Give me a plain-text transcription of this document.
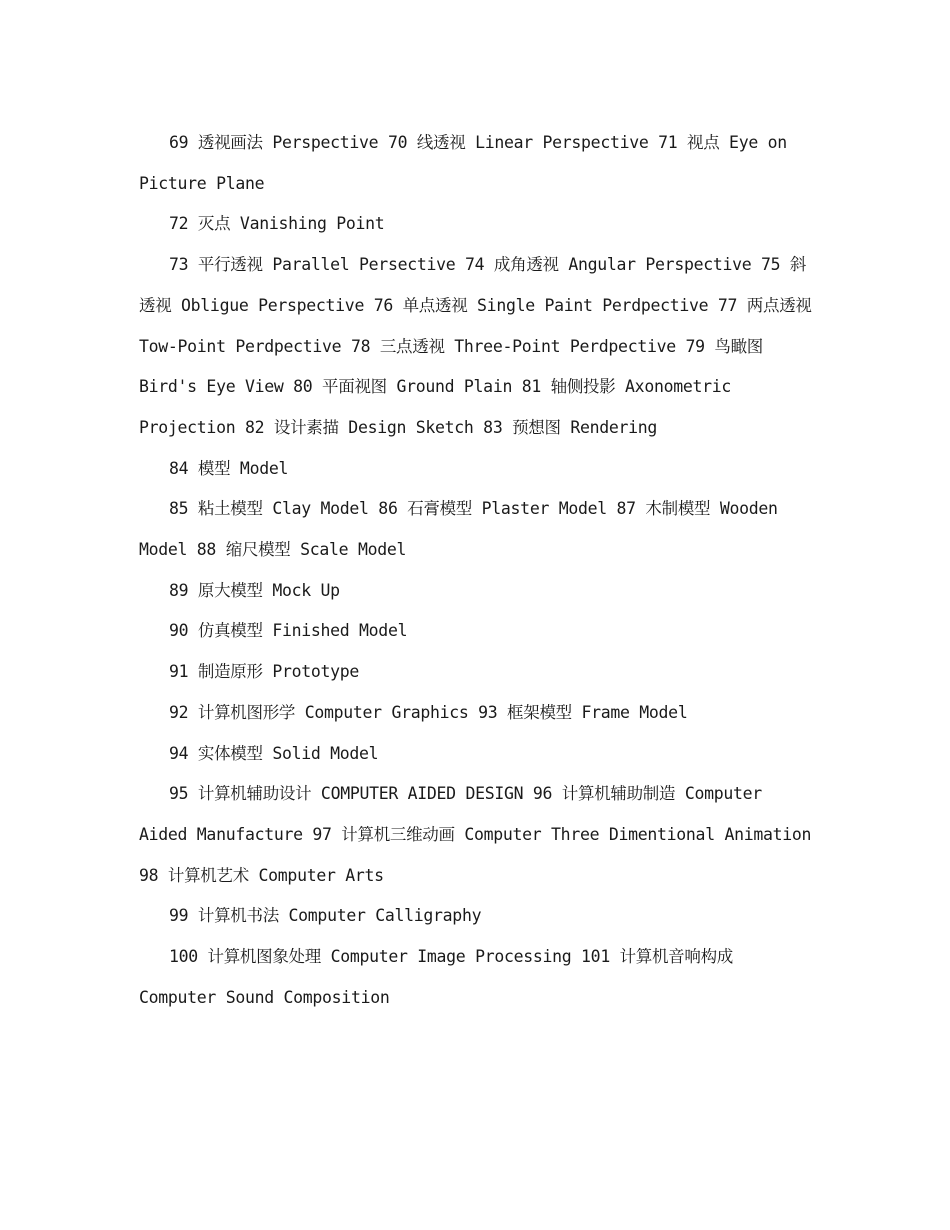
69 透视画法 Perspective 70 线透视 Linear Perspective 71 视点 Eye on Picture Plane

72 灭点 Vanishing Point

73 平行透视 Parallel Persective 74 成角透视 Angular Perspective 75 斜透视 Obligue Perspective 76 单点透视 Single Paint Perdpective 77 两点透视 Tow-Point Perdpective 78 三点透视 Three-Point Perdpective 79 鸟瞰图 Bird's Eye View 80 平面视图 Ground Plain 81 轴侧投影 Axonometric Projection 82 设计素描 Design Sketch 83 预想图 Rendering

84 模型 Model

85 粘土模型 Clay Model 86 石膏模型 Plaster Model 87 木制模型 Wooden Model 88 缩尺模型 Scale Model

89 原大模型 Mock Up

90 仿真模型 Finished Model

91 制造原形 Prototype

92 计算机图形学 Computer Graphics 93 框架模型 Frame Model

94 实体模型 Solid Model

95 计算机辅助设计 COMPUTER AIDED DESIGN 96 计算机辅助制造 Computer Aided Manufacture 97 计算机三维动画 Computer Three Dimentional Animation 98 计算机艺术 Computer Arts

99 计算机书法 Computer Calligraphy

100 计算机图象处理 Computer Image Processing 101 计算机音响构成 Computer Sound Composition
